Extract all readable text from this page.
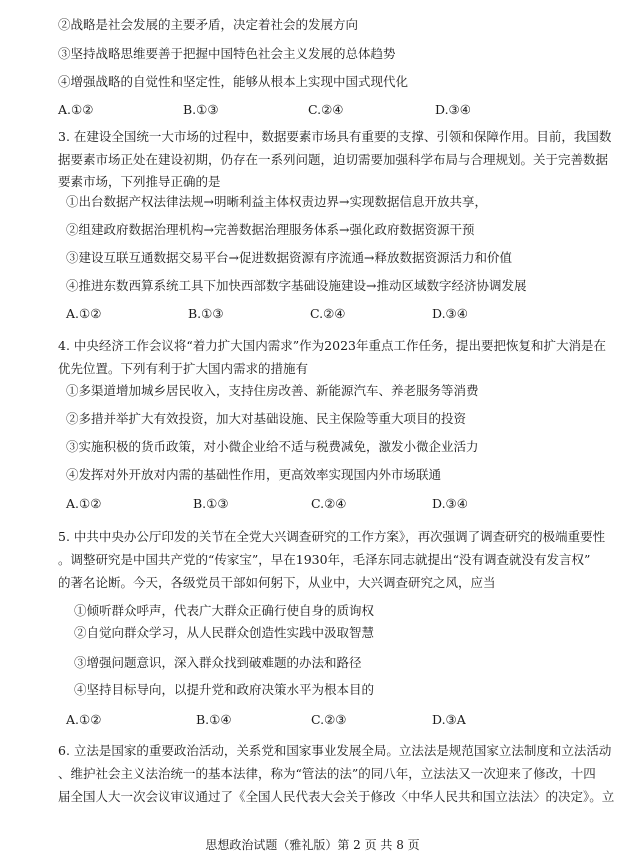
②战略是社会发展的主要矛盾，决定着社会的发展方向
③坚持战略思维要善于把握中国特色社会主义发展的总体趋势
④增强战略的自觉性和坚定性，能够从根本上实现中国式现代化
A.①②	B.①③	C.②④	D.③④
3. 在建设全国统一大市场的过程中，数据要素市场具有重要的支撑、引领和保障作用。目前，我国数
据要素市场正处在建设初期，仍存在一系列问题，迫切需要加强科学布局与合理规划。关于完善数据
要素市场，下列推导正确的是
①出台数据产权法律法规→明晰利益主体权责边界→实现数据信息开放共享，
②组建政府数据治理机构→完善数据治理服务体系→强化政府数据资源干预
③建设互联互通数据交易平台→促进数据资源有序流通→释放数据资源活力和价值
④推进东数西算系统工具下加快西部数字基础设施建设→推动区域数字经济协调发展
A.①②	B.①③	C.②④	D.③④
4. 中央经济工作会议将“着力扩大国内需求”作为2023年重点工作任务，提出要把恢复和扩大消是在
优先位置。下列有利于扩大国内需求的措施有
①多渠道增加城乡居民收入，支持住房改善、新能源汽车、养老服务等消费
②多措并举扩大有效投资，加大对基础设施、民主保险等重大项目的投资
③实施积极的货币政策，对小微企业给不适与税费减免，激发小微企业活力
④发挥对外开放对内需的基础性作用，更高效率实现国内外市场联通
A.①②	B.①③	C.②④	D.③④
5. 中共中央办公厅印发的关节在全党大兴调查研究的工作方案》，再次强调了调查研究的极端重要性
。调整研究是中国共产党的“传家宝”，早在1930年，毛泽东同志就提出“没有调查就没有发言权”
的著名论断。今天，各级党员干部如何躬下，从业中，大兴调查研究之风，应当
①倾听群众呼声，代表广大群众正确行使自身的质询权
②自觉向群众学习，从人民群众创造性实践中汲取智慧
③增强问题意识，深入群众找到破难题的办法和路径
④坚持目标导向，以提升党和政府决策水平为根本目的
A.①②	B.①④	C.②③	D.③A
6. 立法是国家的重要政治活动，关系党和国家事业发展全局。立法法是规范国家立法制度和立法活动
、维护社会主义法治统一的基本法律，称为“管法的法”的同八年，立法法又一次迎来了修改，十四
届全国人大一次会议审议通过了《全国人民代表大会关于修改〈中华人民共和国立法法〉的决定》。立
思想政治试题（雅礼版）第 2 页 共 8 页
